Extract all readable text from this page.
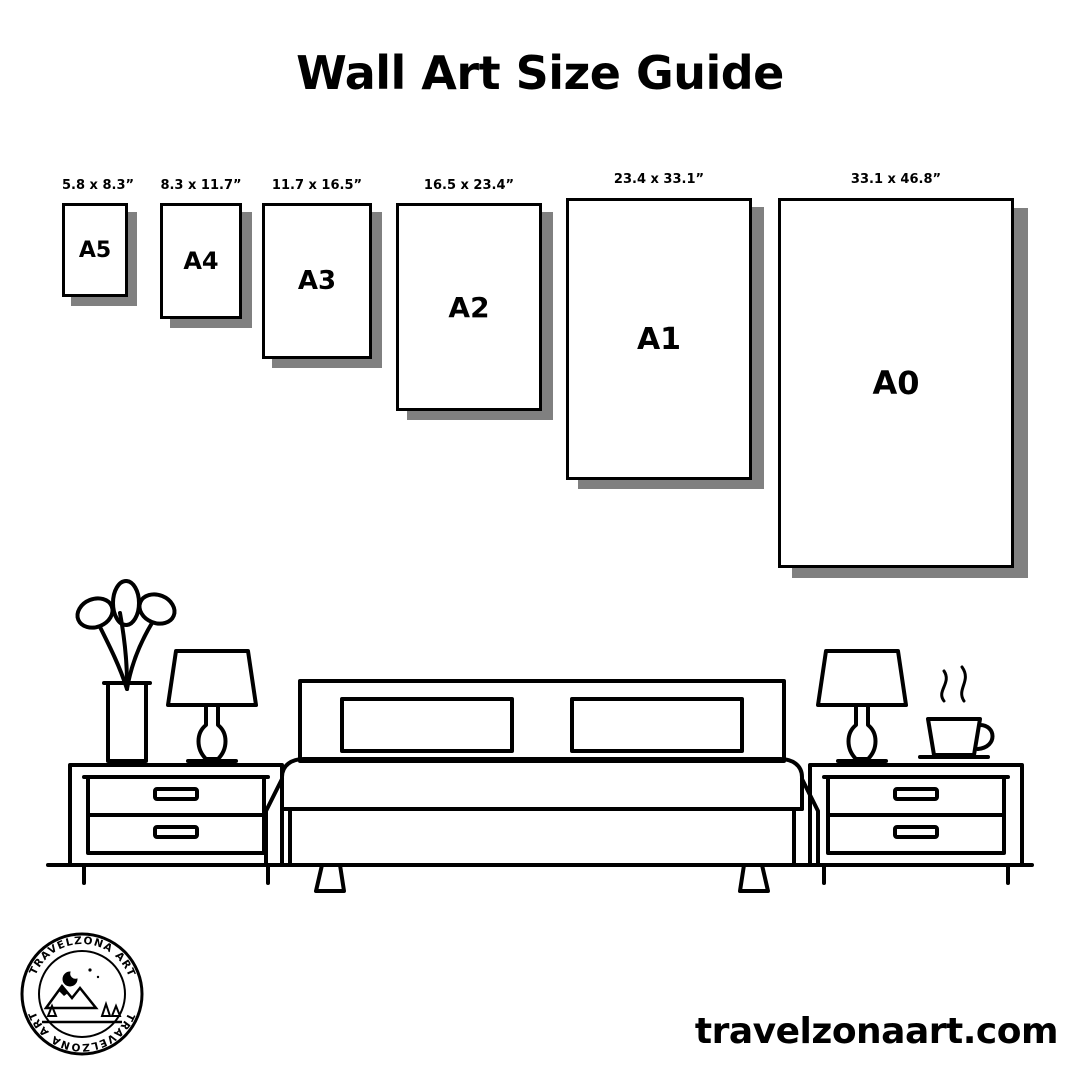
Wall Art Size Guide
5.8 x 8.3”
A5
8.3 x 11.7”
A4
11.7 x 16.5”
A3
16.5 x 23.4”
A2
23.4 x 33.1”
A1
33.1 x 46.8”
A0
TRAVELZONA ART
TRAVELZONA ART	travelzonaart.com
